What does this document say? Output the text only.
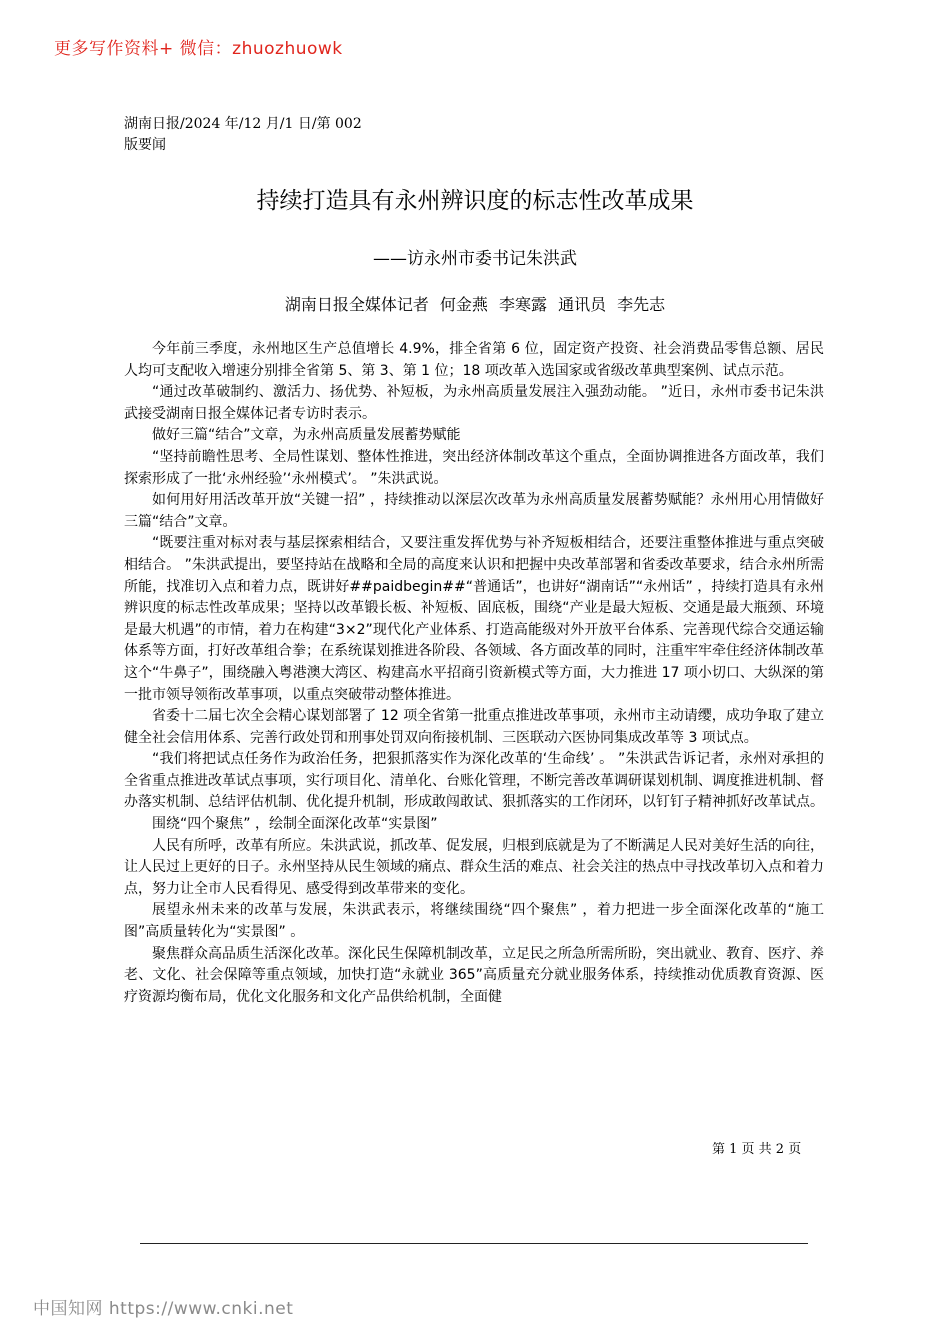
更多写作资料+ 微信：zhuozhuowk
湖南日报/2024 年/12 月/1 日/第 002
版要闻
持续打造具有永州辨识度的标志性改革成果
——访永州市委书记朱洪武
湖南日报全媒体记者 何金燕 李寒露 通讯员 李先志

今年前三季度，永州地区生产总值增长 4.9%，排全省第 6 位，固定资产投资、社会消费品零售总额、居民人均可支配收入增速分别排全省第 5、第 3、第 1 位；18 项改革入选国家或省级改革典型案例、试点示范。

“通过改革破制约、激活力、扬优势、补短板，为永州高质量发展注入强劲动能。 ”近日，永州市委书记朱洪武接受湖南日报全媒体记者专访时表示。

做好三篇“结合”文章，为永州高质量发展蓄势赋能

“坚持前瞻性思考、全局性谋划、整体性推进，突出经济体制改革这个重点，全面协调推进各方面改革，我们探索形成了一批‘永州经验’‘永州模式’。 ”朱洪武说。

如何用好用活改革开放“关键一招” ，持续推动以深层次改革为永州高质量发展蓄势赋能？永州用心用情做好三篇“结合”文章。

“既要注重对标对表与基层探索相结合，又要注重发挥优势与补齐短板相结合，还要注重整体推进与重点突破相结合。 ”朱洪武提出，要坚持站在战略和全局的高度来认识和把握中央改革部署和省委改革要求，结合永州所需所能，找准切入点和着力点，既讲好##paidbegin##“普通话”，也讲好“湖南话”“永州话” ，持续打造具有永州辨识度的标志性改革成果；坚持以改革锻长板、补短板、固底板，围绕“产业是最大短板、交通是最大瓶颈、环境是最大机遇”的市情，着力在构建“3×2”现代化产业体系、打造高能级对外开放平台体系、完善现代综合交通运输体系等方面，打好改革组合拳；在系统谋划推进各阶段、各领域、各方面改革的同时，注重牢牢牵住经济体制改革这个“牛鼻子”，围绕融入粤港澳大湾区、构建高水平招商引资新模式等方面，大力推进 17 项小切口、大纵深的第一批市领导领衔改革事项，以重点突破带动整体推进。

省委十二届七次全会精心谋划部署了 12 项全省第一批重点推进改革事项，永州市主动请缨，成功争取了建立健全社会信用体系、完善行政处罚和刑事处罚双向衔接机制、三医联动六医协同集成改革等 3 项试点。

“我们将把试点任务作为政治任务，把狠抓落实作为深化改革的‘生命线’ 。 ”朱洪武告诉记者，永州对承担的全省重点推进改革试点事项，实行项目化、清单化、台账化管理，不断完善改革调研谋划机制、调度推进机制、督办落实机制、总结评估机制、优化提升机制，形成敢闯敢试、狠抓落实的工作闭环，以钉钉子精神抓好改革试点。

围绕“四个聚焦” ，绘制全面深化改革“实景图”

人民有所呼，改革有所应。朱洪武说，抓改革、促发展，归根到底就是为了不断满足人民对美好生活的向往，让人民过上更好的日子。永州坚持从民生领域的痛点、群众生活的难点、社会关注的热点中寻找改革切入点和着力点，努力让全市人民看得见、感受得到改革带来的变化。

展望永州未来的改革与发展，朱洪武表示，将继续围绕“四个聚焦” ，着力把进一步全面深化改革的“施工图”高质量转化为“实景图” 。

聚焦群众高品质生活深化改革。深化民生保障机制改革，立足民之所急所需所盼，突出就业、教育、医疗、养老、文化、社会保障等重点领域，加快打造“永就业 365”高质量充分就业服务体系，持续推动优质教育资源、医疗资源均衡布局，优化文化服务和文化产品供给机制，全面健

第 1 页 共 2 页
中国知网 https://www.cnki.net
